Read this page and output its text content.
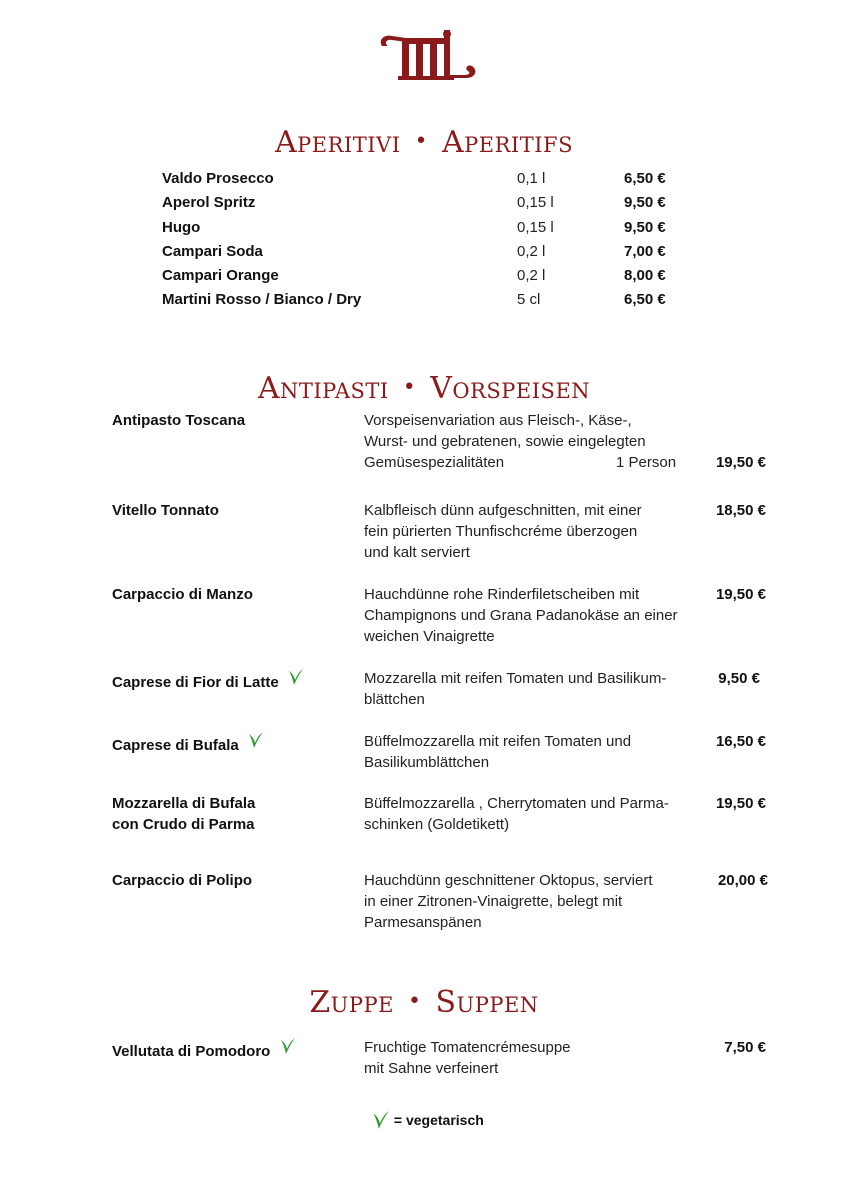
Aperitivi • Aperitifs
Valdo Prosecco	0,1 l	6,50 €
Aperol Spritz	0,15 l	9,50 €
Hugo	0,15 l	9,50 €
Campari Soda	0,2 l	7,00 €
Campari Orange	0,2 l	8,00 €
Martini Rosso / Bianco / Dry	5 cl	6,50 €
Antipasti • Vorspeisen
Antipasto Toscana	Vorspeisenvariation aus Fleisch-, Käse-,
Wurst- und gebratenen, sowie eingelegten
Gemüsespezialitäten	1 Person	19,50 €
Vitello Tonnato	Kalbfleisch dünn aufgeschnitten, mit einer
fein pürierten Thunfischcréme überzogen
und kalt serviert
18,50 €
Carpaccio di Manzo	Hauchdünne rohe Rinderfiletscheiben mit
Champignons und Grana Padanokäse an einer
weichen Vinaigrette
19,50 €
Caprese di Fior di Latte	Mozzarella mit reifen Tomaten und Basilikum-
blättchen
9,50 €
Caprese di Bufala	Büffelmozzarella mit reifen Tomaten und
Basilikumblättchen
16,50 €
Mozzarella di Bufala
con Crudo di Parma
Büffelmozzarella , Cherrytomaten und Parma-
schinken (Goldetikett)
19,50 €
Carpaccio di Polipo	Hauchdünn geschnittener Oktopus, serviert
in einer Zitronen-Vinaigrette, belegt mit
Parmesanspänen
20,00 €
Zuppe • Suppen
Vellutata di Pomodoro	Fruchtige Tomatencrémesuppe
mit Sahne verfeinert
7,50 €
= vegetarisch
